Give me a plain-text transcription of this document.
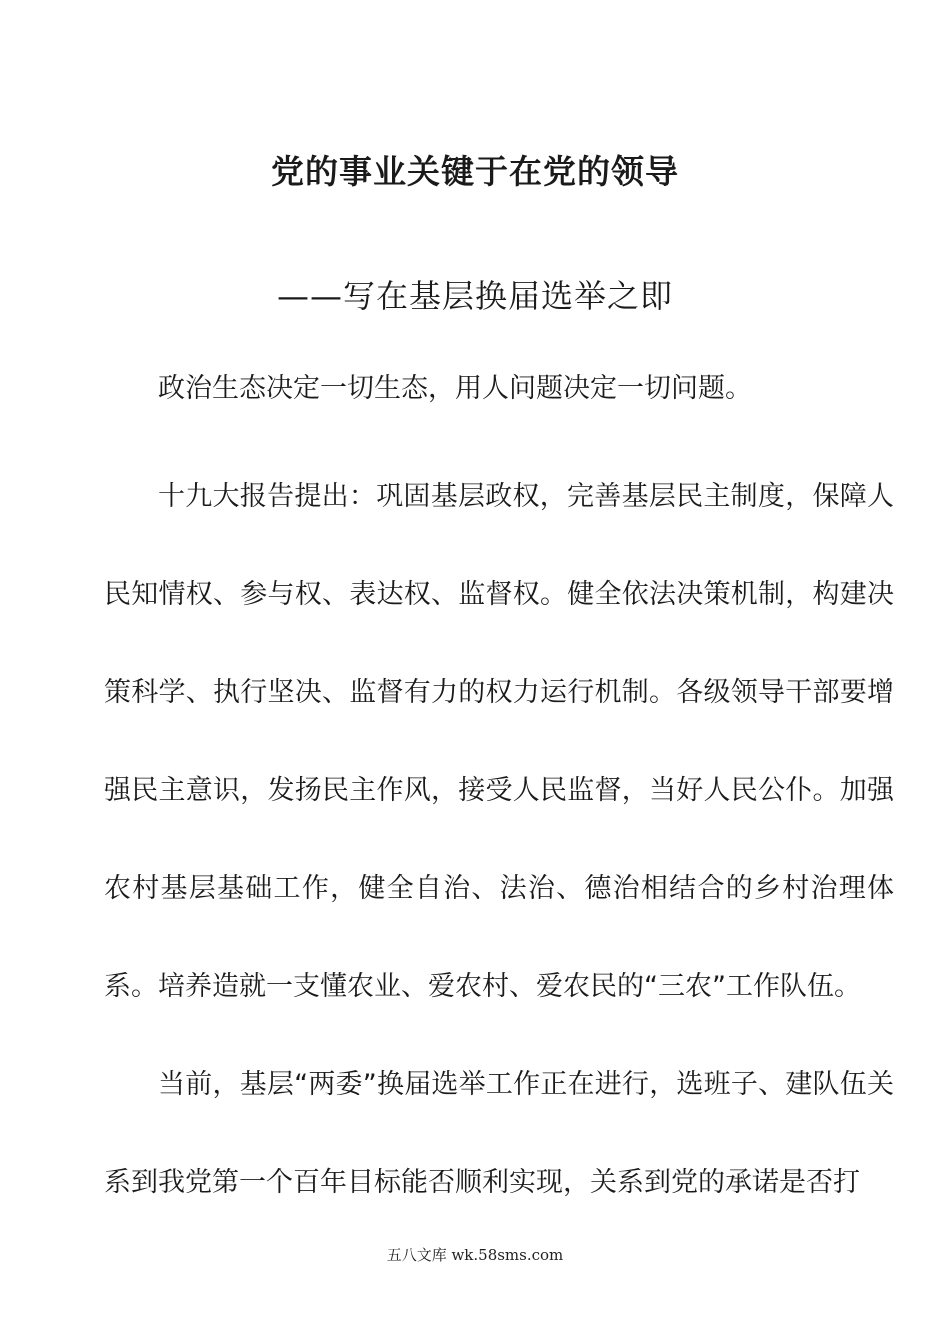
党的事业关键于在党的领导
——写在基层换届选举之即

政治生态决定一切生态，用人问题决定一切问题。

十九大报告提出：巩固基层政权，完善基层民主制度，保障人民知情权、参与权、表达权、监督权。健全依法决策机制，构建决策科学、执行坚决、监督有力的权力运行机制。各级领导干部要增强民主意识，发扬民主作风，接受人民监督，当好人民公仆。加强农村基层基础工作，健全自治、法治、德治相结合的乡村治理体系。培养造就一支懂农业、爱农村、爱农民的“三农”工作队伍。

当前，基层“两委”换届选举工作正在进行，选班子、建队伍关系到我党第一个百年目标能否顺利实现，关系到党的承诺是否打

五八文库 wk.58sms.com
